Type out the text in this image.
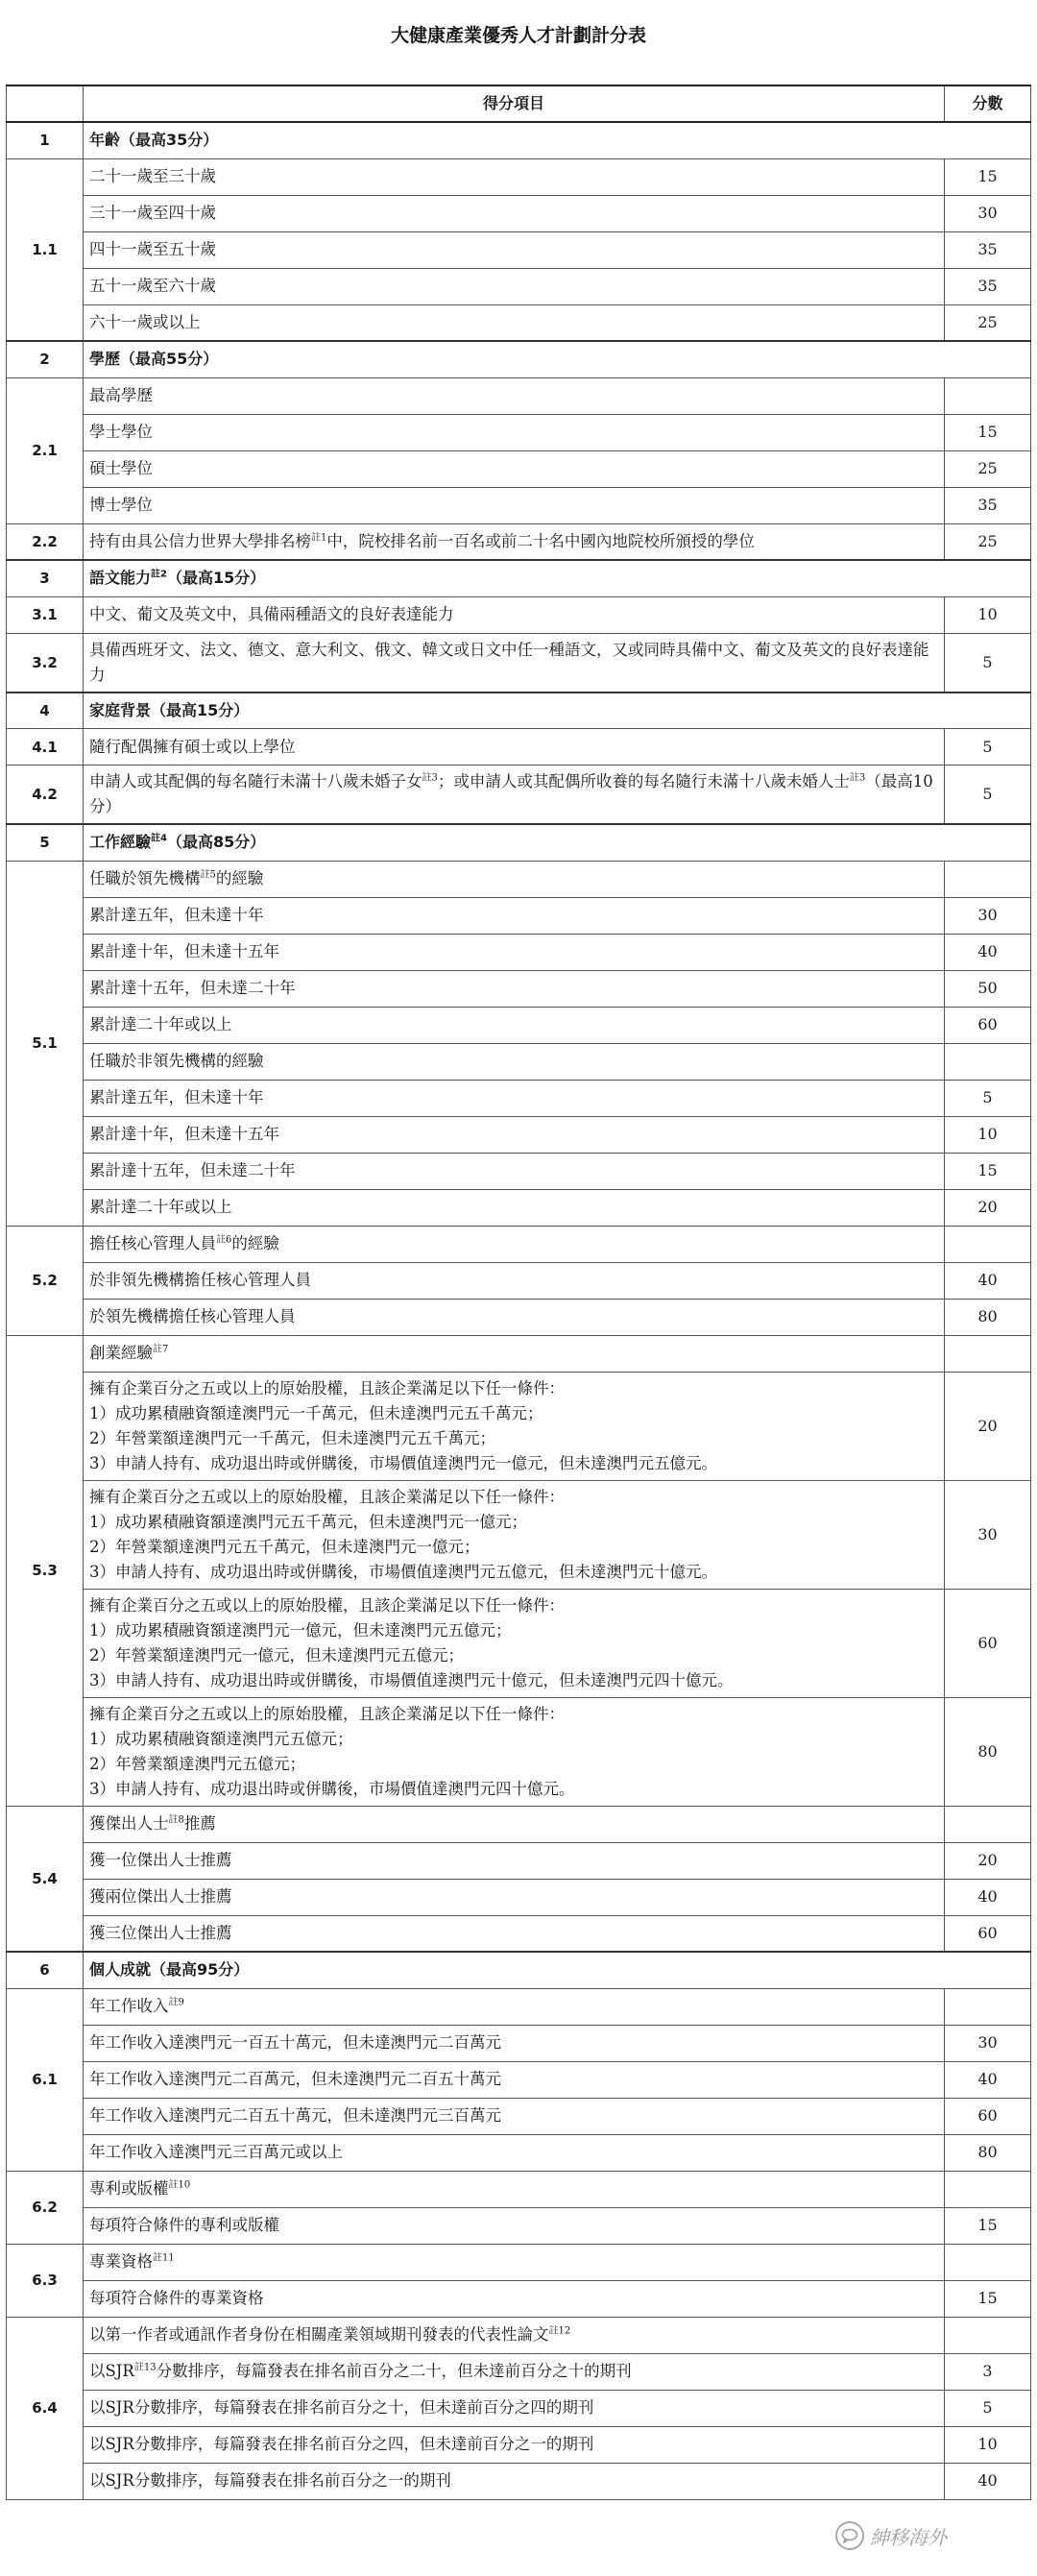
大健康產業優秀人才計劃計分表
	得分項目	分數
1	年齡（最高35分）	
1.1	二十一歲至三十歲	15
	三十一歲至四十歲	30
	四十一歲至五十歲	35
	五十一歲至六十歲	35
	六十一歲或以上	25
2	學歷（最高55分）	
2.1	最高學歷	
	學士學位	15
	碩士學位	25
	博士學位	35
2.2	持有由具公信力世界大學排名榜$^{註1}$中，院校排名前一百名或前二十名中國內地院校所頒授的學位	25
3	語文能力$^{註2}$（最高15分）	
3.1	中文、葡文及英文中，具備兩種語文的良好表達能力	10
3.2	具備西班牙文、法文、德文、意大利文、俄文、韓文或日文中任一種語文，又或同時具備中文、葡文及英文的良好表達能力	5
4	家庭背景（最高15分）	
4.1	隨行配偶擁有碩士或以上學位	5
4.2	申請人或其配偶的每名隨行未滿十八歲未婚子女$^{註3}$；或申請人或其配偶所收養的每名隨行未滿十八歲未婚人士$^{註3}$（最高10分）	5
5	工作經驗$^{註4}$（最高85分）	
5.1	任職於領先機構$^{註5}$的經驗	
	累計達五年，但未達十年	30
	累計達十年，但未達十五年	40
	累計達十五年，但未達二十年	50
	累計達二十年或以上	60
	任職於非領先機構的經驗	
	累計達五年，但未達十年	5
	累計達十年，但未達十五年	10
	累計達十五年，但未達二十年	15
	累計達二十年或以上	20
5.2	擔任核心管理人員$^{註6}$的經驗	
	於非領先機構擔任核心管理人員	40
	於領先機構擔任核心管理人員	80
5.3	創業經驗$^{註7}$	

	擁有企業百分之五或以上的原始股權，且該企業滿足以下任一條件：
1）成功累積融資額達澳門元一千萬元，但未達澳門元五千萬元；
2）年營業額達澳門元一千萬元，但未達澳門元五千萬元；
3）申請人持有、成功退出時或併購後，市場價值達澳門元一億元，但未達澳門元五億元。	20

	擁有企業百分之五或以上的原始股權，且該企業滿足以下任一條件：
1）成功累積融資額達澳門元五千萬元，但未達澳門元一億元；
2）年營業額達澳門元五千萬元，但未達澳門元一億元；
3）申請人持有、成功退出時或併購後，市場價值達澳門元五億元，但未達澳門元十億元。	30

	擁有企業百分之五或以上的原始股權，且該企業滿足以下任一條件：
1）成功累積融資額達澳門元一億元，但未達澳門元五億元；
2）年營業額達澳門元一億元，但未達澳門元五億元；
3）申請人持有、成功退出時或併購後，市場價值達澳門元十億元，但未達澳門元四十億元。	60

	擁有企業百分之五或以上的原始股權，且該企業滿足以下任一條件：
1）成功累積融資額達澳門元五億元；
2）年營業額達澳門元五億元；
3）申請人持有、成功退出時或併購後，市場價值達澳門元四十億元。	80
5.4	獲傑出人士$^{註8}$推薦	
	獲一位傑出人士推薦	20
	獲兩位傑出人士推薦	40
	獲三位傑出人士推薦	60
6	個人成就（最高95分）	
6.1	年工作收入$^{註9}$	
	年工作收入達澳門元一百五十萬元，但未達澳門元二百萬元	30
	年工作收入達澳門元二百萬元，但未達澳門元二百五十萬元	40
	年工作收入達澳門元二百五十萬元，但未達澳門元三百萬元	60
	年工作收入達澳門元三百萬元或以上	80
6.2	專利或版權$^{註10}$	
	每項符合條件的專利或版權	15
6.3	專業資格$^{註11}$	
	每項符合條件的專業資格	15
6.4	以第一作者或通訊作者身份在相關產業領域期刊發表的代表性論文$^{註12}$	
	以SJR$^{註13}$分數排序，每篇發表在排名前百分之二十，但未達前百分之十的期刊	3
	以SJR分數排序，每篇發表在排名前百分之十，但未達前百分之四的期刊	5
	以SJR分數排序，每篇發表在排名前百分之四，但未達前百分之一的期刊	10
	以SJR分數排序，每篇發表在排名前百分之一的期刊	40
紳移海外
